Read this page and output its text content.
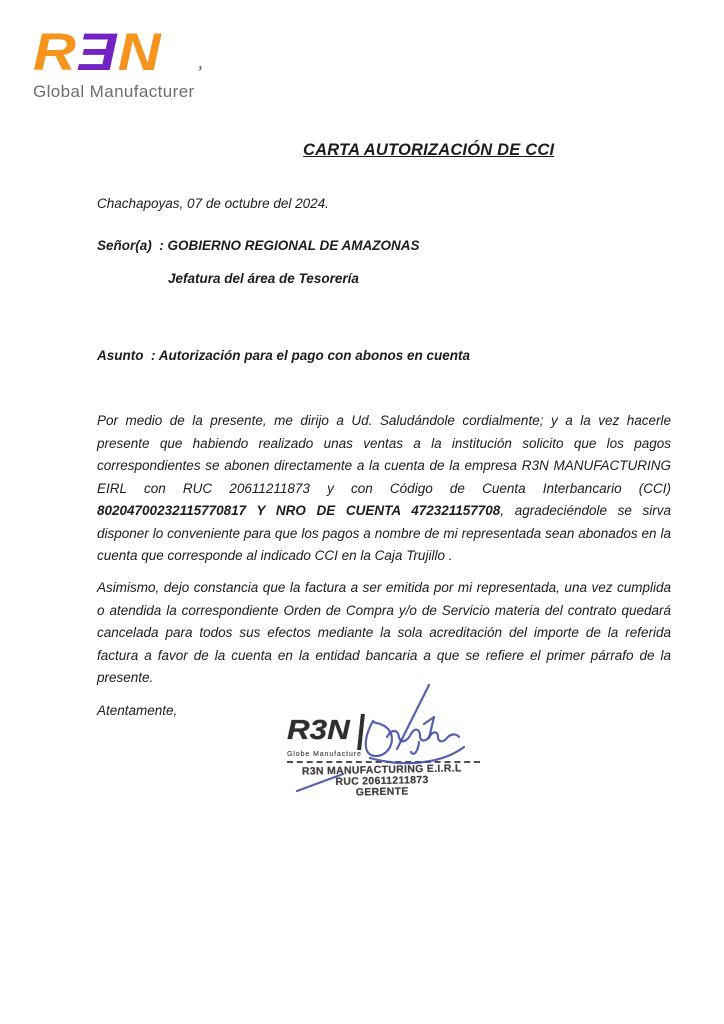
RƎN
Global Manufacturer
’
CARTA AUTORIZACIÓN DE CCI
Chachapoyas, 07 de octubre del 2024.
Señor(a)  : GOBIERNO REGIONAL DE AMAZONAS
Jefatura del área de Tesorería
Asunto  : Autorización para el pago con abonos en cuenta
Por medio de la presente, me dirijo a Ud. Saludándole cordialmente; y a la vez hacerle presente que habiendo realizado unas ventas a la institución solicito que los pagos correspondientes se abonen directamente a la cuenta de la empresa R3N MANUFACTURING EIRL con RUC 20611211873 y con Código de Cuenta Interbancario (CCI) 80204700232115770817 Y NRO DE CUENTA 472321157708, agradeciéndole se sirva disponer lo conveniente para que los pagos a nombre de mi representada sean abonados en la cuenta que corresponde al indicado CCI en la Caja Trujillo .
Asimismo, dejo constancia que la factura a ser emitida por mi representada, una vez cumplida o atendida la correspondiente Orden de Compra y/o de Servicio materia del contrato quedará cancelada para todos sus efectos mediante la sola acreditación del importe de la referida factura a favor de la cuenta en la entidad bancaria a que se refiere el primer párrafo de la presente.
Atentamente,
R3N
Globe Manufacture
R3N MANUFACTURING E.I.R.L
RUC 20611211873
GERENTE
